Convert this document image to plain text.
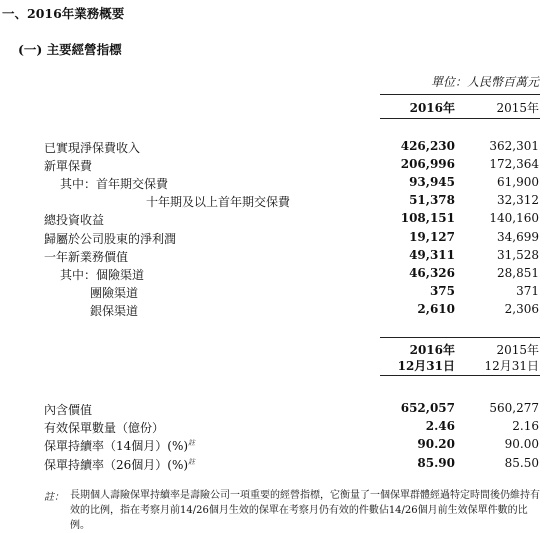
一、2016年業務概要
(一) 主要經營指標
單位：人民幣百萬元
2016年	2015年
已實現淨保費收入	426,230	362,301
新單保費	206,996	172,364
其中：首年期交保費	93,945	61,900
十年期及以上首年期交保費	51,378	32,312
總投資收益	108,151	140,160
歸屬於公司股東的淨利潤	19,127	34,699
一年新業務價值	49,311	31,528
其中：個險渠道	46,326	28,851
團險渠道	375	371
銀保渠道	2,610	2,306
2016年	2015年
12月31日	12月31日
內含價值	652,057	560,277
有效保單數量（億份）	2.46	2.16
保單持續率（14個月）(%)$^註$	90.20	90.00
保單持續率（26個月）(%)$^註$	85.90	85.50
註： 長期個人壽險保單持續率是壽險公司一項重要的經營指標，它衡量了一個保單群體經過特定時間後仍維持有效的比例，指在考察月前14/26個月生效的保單在考察月仍有效的件數佔14/26個月前生效保單件數的比例。
